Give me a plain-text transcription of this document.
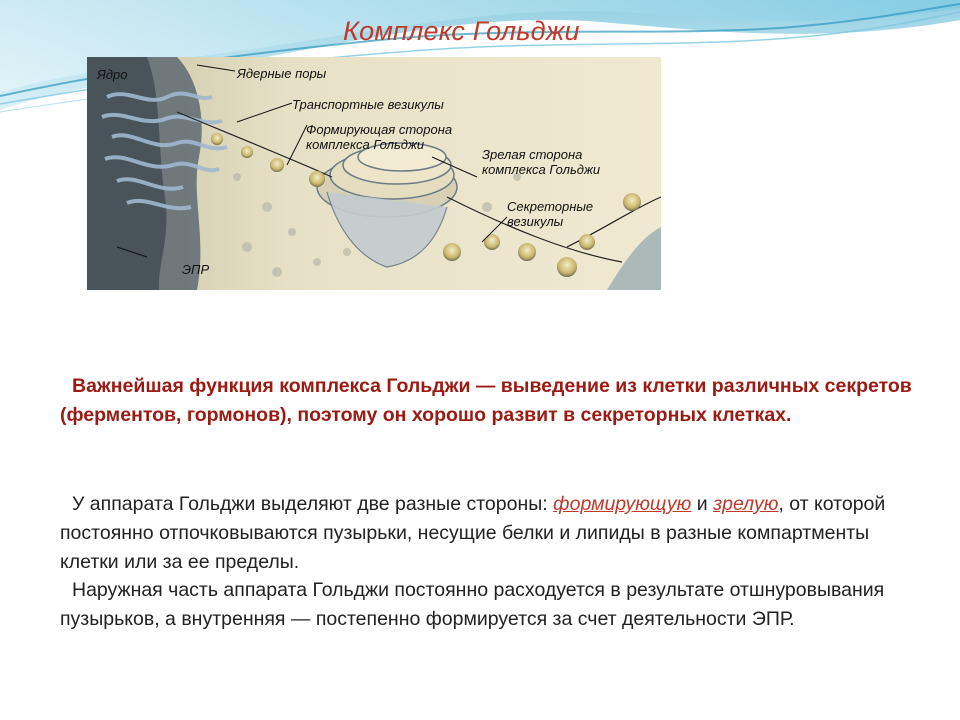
Комплекс Гольджи
Ядро	Ядерные поры
Транспортные везикулы
Формирующая сторона комплекса Гольджи
Зрелая сторона комплекса Гольджи
Секреторные везикулы
ЭПР
Важнейшая функция комплекса Гольджи — выведение из клетки различных секретов (ферментов, гормонов), поэтому он хорошо развит в секреторных клетках.
У аппарата Гольджи выделяют две разные стороны: формирующую и зрелую, от которой постоянно отпочковываются пузырьки, несущие белки и липиды в разные компартменты клетки или за ее пределы.
Наружная часть аппарата Гольджи постоянно расходуется в результате отшнуровывания пузырьков, а внутренняя — постепенно формируется за счет деятельности ЭПР.
